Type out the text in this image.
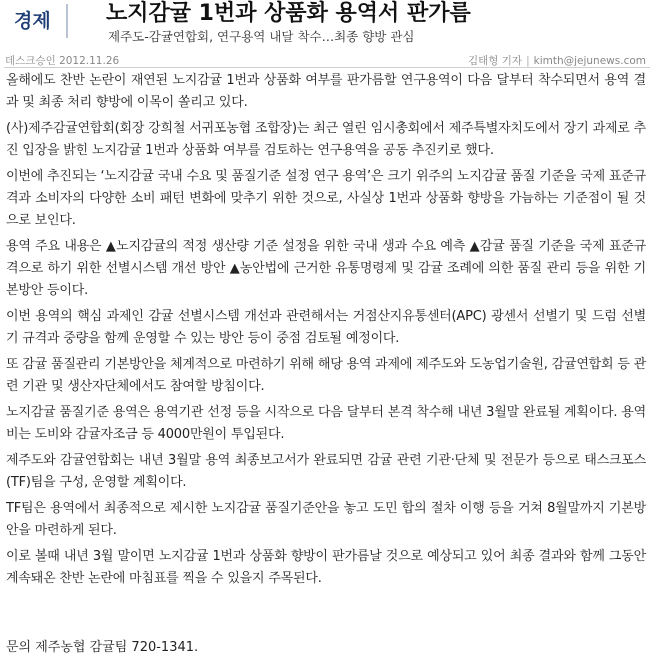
경제	노지감귤 1번과 상품화 용역서 판가름
제주도-감귤연합회, 연구용역 내달 착수…최종 향방 관심
데스크승인 2012.11.26	김태형 기자 | kimth@jejunews.com

올해에도 찬반 논란이 재연된 노지감귤 1번과 상품화 여부를 판가름할 연구용역이 다음 달부터 착수되면서 용역 결과 및 최종 처리 향방에 이목이 쏠리고 있다.

(사)제주감귤연합회(회장 강희철 서귀포농협 조합장)는 최근 열린 임시총회에서 제주특별자치도에서 장기 과제로 추진 입장을 밝힌 노지감귤 1번과 상품화 여부를 검토하는 연구용역을 공동 추진키로 했다.

이번에 추진되는 ‘노지감귤 국내 수요 및 품질기준 설정 연구 용역’은 크기 위주의 노지감귤 품질 기준을 국제 표준규격과 소비자의 다양한 소비 패턴 변화에 맞추기 위한 것으로, 사실상 1번과 상품화 향방을 가늠하는 기준점이 될 것으로 보인다.

용역 주요 내용은 ▲노지감귤의 적정 생산량 기준 설정을 위한 국내 생과 수요 예측 ▲감귤 품질 기준을 국제 표준규격으로 하기 위한 선별시스템 개선 방안 ▲농안법에 근거한 유통명령제 및 감귤 조례에 의한 품질 관리 등을 위한 기본방안 등이다.

이번 용역의 핵심 과제인 감귤 선별시스템 개선과 관련해서는 거점산지유통센터(APC) 광센서 선별기 및 드럼 선별기 규격과 중량을 함께 운영할 수 있는 방안 등이 중점 검토될 예정이다.

또 감귤 품질관리 기본방안을 체계적으로 마련하기 위해 해당 용역 과제에 제주도와 도농업기술원, 감귤연합회 등 관련 기관 및 생산자단체에서도 참여할 방침이다.

노지감귤 품질기준 용역은 용역기관 선정 등을 시작으로 다음 달부터 본격 착수해 내년 3월말 완료될 계획이다. 용역비는 도비와 감귤자조금 등 4000만원이 투입된다.

제주도와 감귤연합회는 내년 3월말 용역 최종보고서가 완료되면 감귤 관련 기관·단체 및 전문가 등으로 태스크포스(TF)팀을 구성, 운영할 계획이다.

TF팀은 용역에서 최종적으로 제시한 노지감귤 품질기준안을 놓고 도민 합의 절차 이행 등을 거쳐 8월말까지 기본방안을 마련하게 된다.

이로 볼때 내년 3월 말이면 노지감귤 1번과 상품화 향방이 판가름날 것으로 예상되고 있어 최종 결과와 함께 그동안 계속돼온 찬반 논란에 마침표를 찍을 수 있을지 주목된다.

문의 제주농협 감귤팀 720-1341.
